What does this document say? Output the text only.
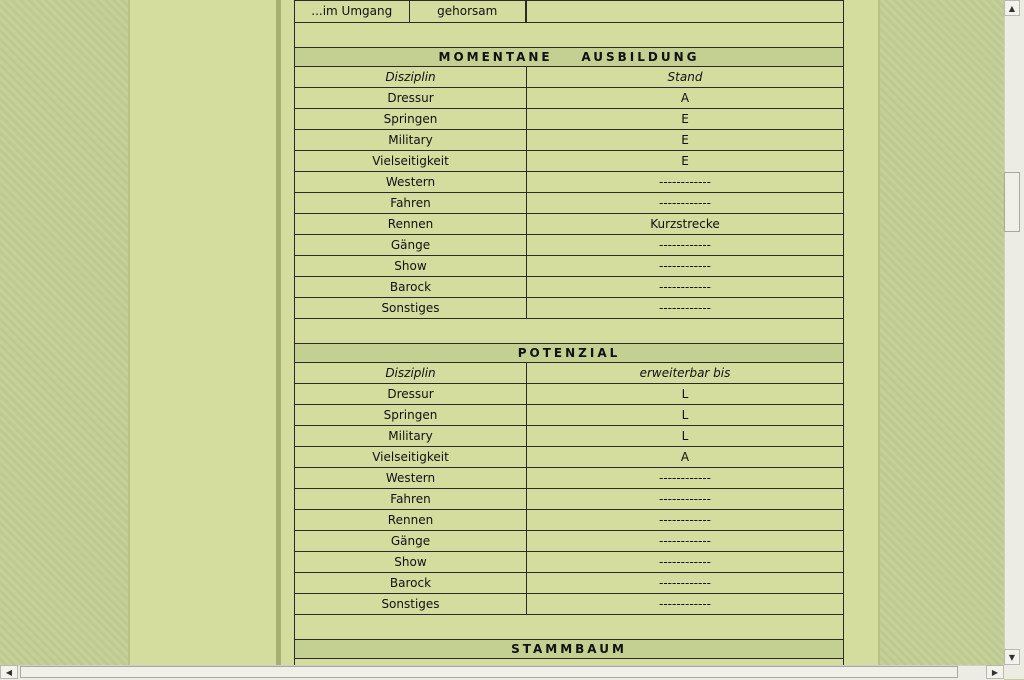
...im Umgang gehorsam	

MOMENTANE    AUSBILDUNG	
Disziplin	Stand
Dressur	A
Springen	E
Military	E
Vielseitigkeit	E
Western	------------
Fahren	------------
Rennen	Kurzstrecke
Gänge	------------
Show	------------
Barock	------------
Sonstiges	------------

POTENZIAL	
Disziplin	erweiterbar bis
Dressur	L
Springen	L
Military	L
Vielseitigkeit	A
Western	------------
Fahren	------------
Rennen	------------
Gänge	------------
Show	------------
Barock	------------
Sonstiges	------------

STAMMBAUM	

▲
▼
◀	▶
